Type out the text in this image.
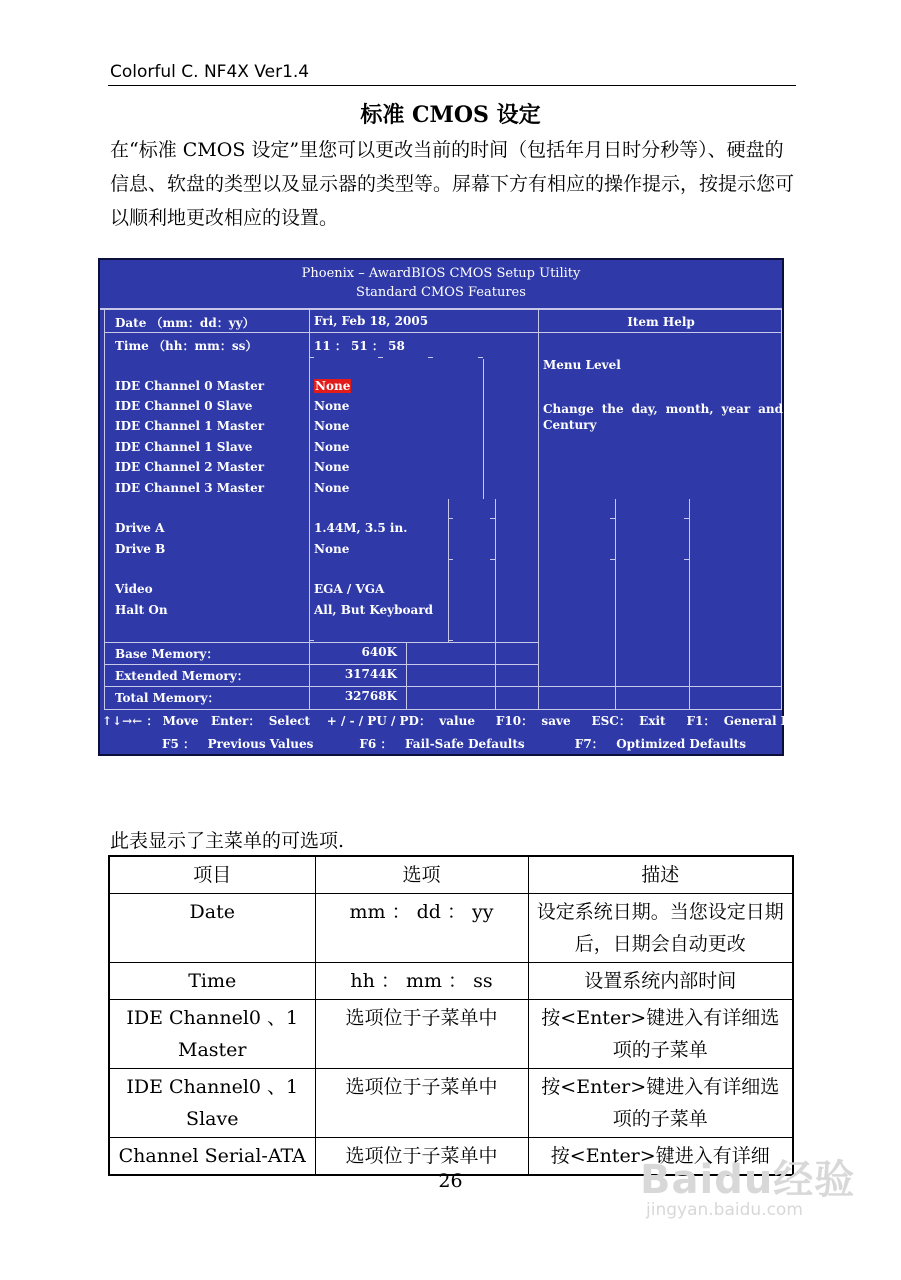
Colorful C. NF4X Ver1.4
标准 CMOS 设定
在“标准 CMOS 设定”里您可以更改当前的时间（包括年月日时分秒等）、硬盘的信息、软盘的类型以及显示器的类型等。屏幕下方有相应的操作提示，按提示您可以顺利地更改相应的设置。
Phoenix – AwardBIOS CMOS Setup Utility
Standard CMOS Features
Date （mm：dd：yy）	Fri, Feb 18, 2005
Time （hh：mm：ss）	11 ： 51 ： 58
IDE Channel 0 Master	None
IDE Channel 0 Slave	None
IDE Channel 1 Master	None
IDE Channel 1 Slave	None
IDE Channel 2 Master	None
IDE Channel 3 Master	None
Drive A	1.44M, 3.5 in.
Drive B	None
Video	EGA / VGA
Halt On	All, But Keyboard
Base Memory：	640K
Extended Memory：	31744K
Total Memory：	32768K
Item Help
Menu Level
Change the day, month, year and Century
↑↓→← ： Move   Enter：  Select    + / - / PU / PD：  value     F10：  save     ESC：  Exit     F1：  General Help
F5 ：   Previous Values           F6 ：   Fail-Safe Defaults            F7：   Optimized Defaults
此表显示了主菜单的可选项.
项目	选项	描述
Date	mm ： dd ： yy	设定系统日期。当您设定日期后，日期会自动更改
Time	hh ： mm ： ss	设置系统内部时间
IDE Channel0 、1 Master	选项位于子菜单中	按<Enter>键进入有详细选项的子菜单
IDE Channel0 、1 Slave	选项位于子菜单中	按<Enter>键进入有详细选项的子菜单
Channel Serial-ATA	选项位于子菜单中	按<Enter>键进入有详细
26	Baidu经验
jingyan.baidu.com
